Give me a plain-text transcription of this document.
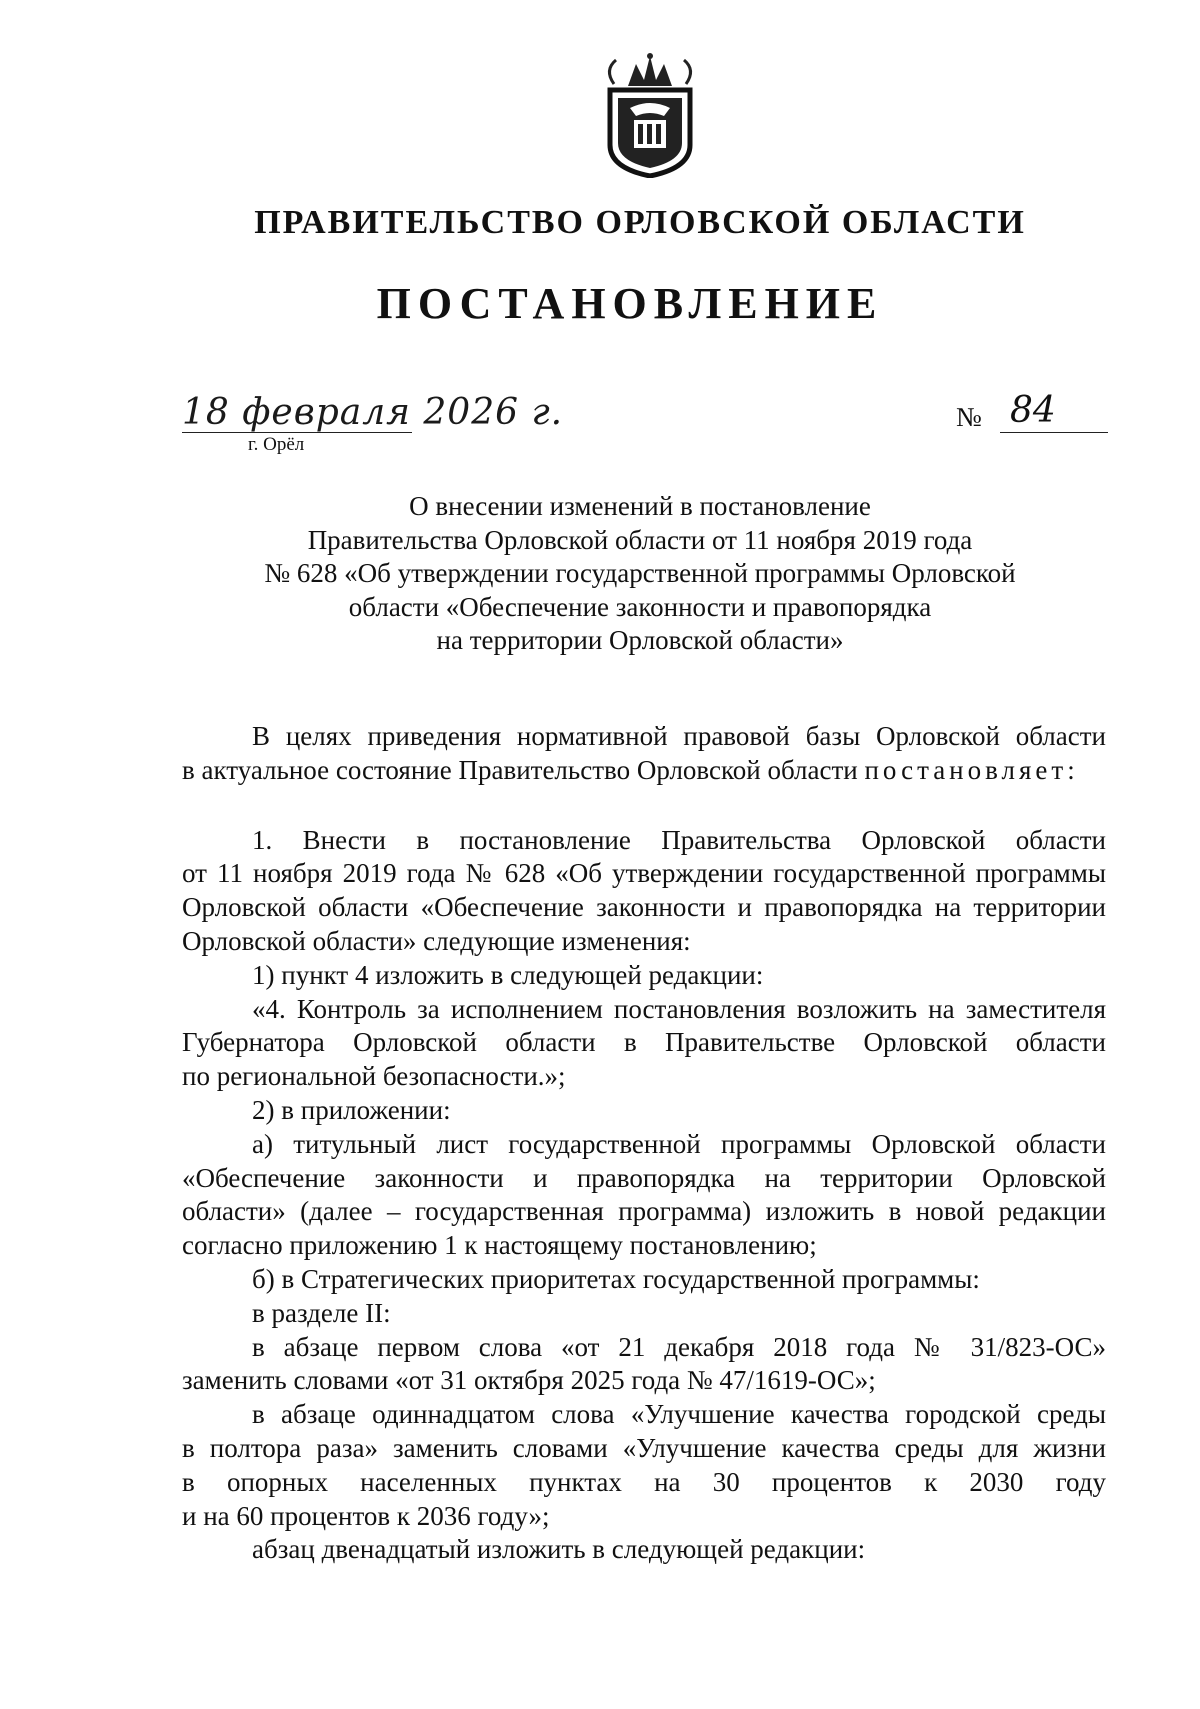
ПРАВИТЕЛЬСТВО ОРЛОВСКОЙ ОБЛАСТИ
ПОСТАНОВЛЕНИЕ
18 февраля 2026 г.
г. Орёл
№ 84
О внесении изменений в постановление
Правительства Орловской области от 11 ноября 2019 года
№ 628 «Об утверждении государственной программы Орловской
области «Обеспечение законности и правопорядка
на территории Орловской области»
В целях приведения нормативной правовой базы Орловской области
в актуальное состояние Правительство Орловской области постановляет:
1. Внести в постановление Правительства Орловской области
от 11 ноября 2019 года № 628 «Об утверждении государственной программы
Орловской области «Обеспечение законности и правопорядка на территории
Орловской области» следующие изменения:
1) пункт 4 изложить в следующей редакции:
«4. Контроль за исполнением постановления возложить на заместителя
Губернатора Орловской области в Правительстве Орловской области
по региональной безопасности.»;
2) в приложении:
а) титульный лист государственной программы Орловской области
«Обеспечение законности и правопорядка на территории Орловской
области» (далее – государственная программа) изложить в новой редакции
согласно приложению 1 к настоящему постановлению;
б) в Стратегических приоритетах государственной программы:
в разделе II:
в абзаце первом слова «от 21 декабря 2018 года № 31/823-ОС»
заменить словами «от 31 октября 2025 года № 47/1619-ОС»;
в абзаце одиннадцатом слова «Улучшение качества городской среды
в полтора раза» заменить словами «Улучшение качества среды для жизни
в опорных населенных пунктах на 30 процентов к 2030 году
и на 60 процентов к 2036 году»;
абзац двенадцатый изложить в следующей редакции:
